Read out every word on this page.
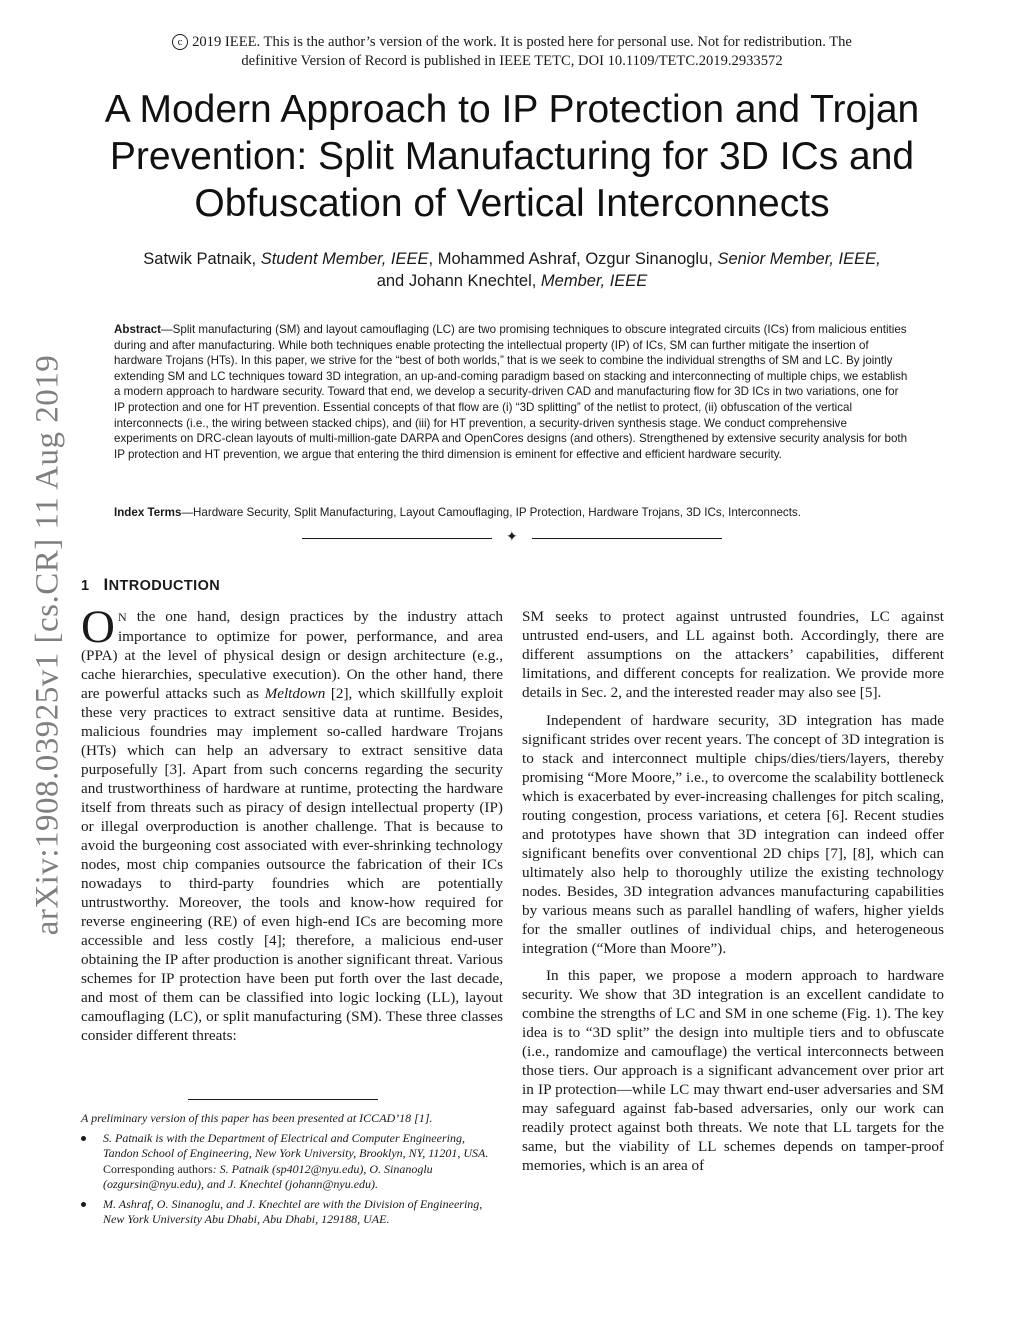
c 2019 IEEE. This is the author’s version of the work. It is posted here for personal use. Not for redistribution. The
definitive Version of Record is published in IEEE TETC, DOI 10.1109/TETC.2019.2933572
A Modern Approach to IP Protection and Trojan
Prevention: Split Manufacturing for 3D ICs and
Obfuscation of Vertical Interconnects
Satwik Patnaik, Student Member, IEEE, Mohammed Ashraf, Ozgur Sinanoglu, Senior Member, IEEE,
and Johann Knechtel, Member, IEEE
Abstract—Split manufacturing (SM) and layout camouflaging (LC) are two promising techniques to obscure integrated circuits (ICs) from malicious entities during and after manufacturing. While both techniques enable protecting the intellectual property (IP) of ICs, SM can further mitigate the insertion of hardware Trojans (HTs). In this paper, we strive for the “best of both worlds,” that is we seek to combine the individual strengths of SM and LC. By jointly extending SM and LC techniques toward 3D integration, an up-and-coming paradigm based on stacking and interconnecting of multiple chips, we establish a modern approach to hardware security. Toward that end, we develop a security-driven CAD and manufacturing flow for 3D ICs in two variations, one for IP protection and one for HT prevention. Essential concepts of that flow are (i) “3D splitting” of the netlist to protect, (ii) obfuscation of the vertical interconnects (i.e., the wiring between stacked chips), and (iii) for HT prevention, a security-driven synthesis stage. We conduct comprehensive experiments on DRC-clean layouts of multi-million-gate DARPA and OpenCores designs (and others). Strengthened by extensive security analysis for both IP protection and HT prevention, we argue that entering the third dimension is eminent for effective and efficient hardware security.
Index Terms—Hardware Security, Split Manufacturing, Layout Camouflaging, IP Protection, Hardware Trojans, 3D ICs, Interconnects.
✦
1 INTRODUCTION

O N the one hand, design practices by the industry attach importance to optimize for power, performance, and area (PPA) at the level of physical design or design architecture (e.g., cache hierarchies, speculative execution). On the other hand, there are powerful attacks such as Meltdown [2], which skillfully exploit these very practices to extract sensitive data at runtime. Besides, malicious foundries may implement so-called hardware Trojans (HTs) which can help an adversary to extract sensitive data purposefully [3]. Apart from such concerns regarding the security and trustworthiness of hardware at runtime, protecting the hardware itself from threats such as piracy of design intellectual property (IP) or illegal overproduction is another challenge. That is because to avoid the burgeoning cost associated with ever-shrinking technology nodes, most chip companies outsource the fabrication of their ICs nowadays to third-party foundries which are potentially untrustworthy. Moreover, the tools and know-how required for reverse engineering (RE) of even high-end ICs are becoming more accessible and less costly [4]; therefore, a malicious end-user obtaining the IP after production is another significant threat. Various schemes for IP protection have been put forth over the last decade, and most of them can be classified into logic locking (LL), layout camouflaging (LC), or split manufacturing (SM). These three classes consider different threats:

SM seeks to protect against untrusted foundries, LC against untrusted end-users, and LL against both. Accordingly, there are different assumptions on the attackers’ capabilities, different limitations, and different concepts for realization. We provide more details in Sec. 2, and the interested reader may also see [5].

Independent of hardware security, 3D integration has made significant strides over recent years. The concept of 3D integration is to stack and interconnect multiple chips/dies/tiers/layers, thereby promising “More Moore,” i.e., to overcome the scalability bottleneck which is exacerbated by ever-increasing challenges for pitch scaling, routing congestion, process variations, et cetera [6]. Recent studies and prototypes have shown that 3D integration can indeed offer significant benefits over conventional 2D chips [7], [8], which can ultimately also help to thoroughly utilize the existing technology nodes. Besides, 3D integration advances manufacturing capabilities by various means such as parallel handling of wafers, higher yields for the smaller outlines of individual chips, and heterogeneous integration (“More than Moore”).

In this paper, we propose a modern approach to hardware security. We show that 3D integration is an excellent candidate to combine the strengths of LC and SM in one scheme (Fig. 1). The key idea is to “3D split” the design into multiple tiers and to obfuscate (i.e., randomize and camouflage) the vertical interconnects between those tiers. Our approach is a significant advancement over prior art in IP protection—while LC may thwart end-user adversaries and SM may safeguard against fab-based adversaries, only our work can readily protect against both threats. We note that LL targets for the same, but the viability of LL schemes depends on tamper-proof memories, which is an area of

A preliminary version of this paper has been presented at ICCAD’18 [1].

S. Patnaik is with the Department of Electrical and Computer Engineering, Tandon School of Engineering, New York University, Brooklyn, NY, 11201, USA.
Corresponding authors: S. Patnaik (sp4012@nyu.edu), O. Sinanoglu (ozgursin@nyu.edu), and J. Knechtel (johann@nyu.edu).

M. Ashraf, O. Sinanoglu, and J. Knechtel are with the Division of Engineering, New York University Abu Dhabi, Abu Dhabi, 129188, UAE.

arXiv:1908.03925v1 [cs.CR] 11 Aug 2019
